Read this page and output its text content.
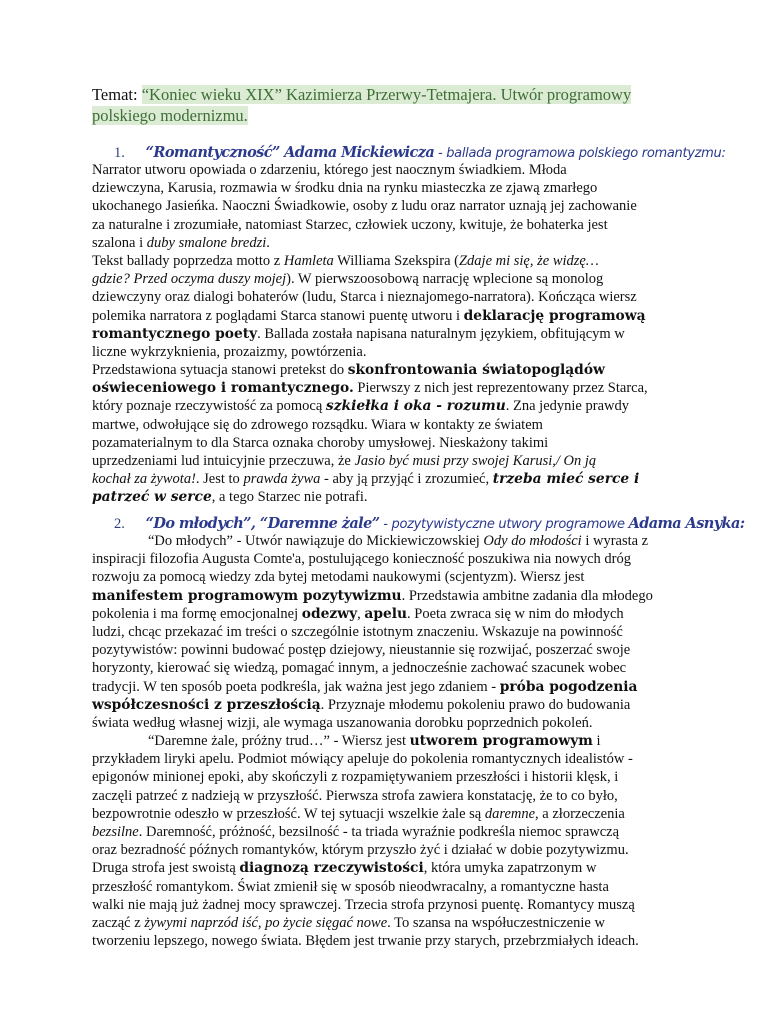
Temat: “Koniec wieku XIX” Kazimierza Przerwy-Tetmajera. Utwór programowy
polskiego modernizmu.
1. “Romantyczność” Adama Mickiewicza - ballada programowa polskiego romantyzmu:
Narrator utworu opowiada o zdarzeniu, którego jest naocznym świadkiem. Młoda
dziewczyna, Karusia, rozmawia w środku dnia na rynku miasteczka ze zjawą zmarłego
ukochanego Jasieńka. Naoczni Świadkowie, osoby z ludu oraz narrator uznają jej zachowanie
za naturalne i zrozumiałe, natomiast Starzec, człowiek uczony, kwituje, że bohaterka jest
szalona i duby smalone bredzi.
Tekst ballady poprzedza motto z Hamleta Williama Szekspira (Zdaje mi się, że widzę…
gdzie? Przed oczyma duszy mojej). W pierwszoosobową narrację wplecione są monolog
dziewczyny oraz dialogi bohaterów (ludu, Starca i nieznajomego-narratora). Kończąca wiersz
polemika narratora z poglądami Starca stanowi puentę utworu i deklarację programową
romantycznego poety. Ballada została napisana naturalnym językiem, obfitującym w
liczne wykrzyknienia, prozaizmy, powtórzenia.
Przedstawiona sytuacja stanowi pretekst do skonfrontowania światopoglądów
oświeceniowego i romantycznego. Pierwszy z nich jest reprezentowany przez Starca,
który poznaje rzeczywistość za pomocą szkiełka i oka - rozumu. Zna jedynie prawdy
martwe, odwołujące się do zdrowego rozsądku. Wiara w kontakty ze światem
pozamaterialnym to dla Starca oznaka choroby umysłowej. Nieskażony takimi
uprzedzeniami lud intuicyjnie przeczuwa, że Jasio być musi przy swojej Karusi,/ On ją
kochał za żywota!. Jest to prawda żywa - aby ją przyjąć i zrozumieć, trzeba mieć serce i
patrzeć w serce, a tego Starzec nie potrafi.
2. “Do młodych”, “Daremne żale” - pozytywistyczne utwory programowe Adama Asnyka:
“Do młodych” - Utwór nawiązuje do Mickiewiczowskiej Ody do młodości i wyrasta z
inspiracji filozofia Augusta Comte'a, postulującego konieczność poszukiwa nia nowych dróg
rozwoju za pomocą wiedzy zda bytej metodami naukowymi (scjentyzm). Wiersz jest
manifestem programowym pozytywizmu. Przedstawia ambitne zadania dla młodego
pokolenia i ma formę emocjonalnej odezwy, apelu. Poeta zwraca się w nim do młodych
ludzi, chcąc przekazać im treści o szczególnie istotnym znaczeniu. Wskazuje na powinność
pozytywistów: powinni budować postęp dziejowy, nieustannie się rozwijać, poszerzać swoje
horyzonty, kierować się wiedzą, pomagać innym, a jednocześnie zachować szacunek wobec
tradycji. W ten sposób poeta podkreśla, jak ważna jest jego zdaniem - próba pogodzenia
współczesności z przeszłością. Przyznaje młodemu pokoleniu prawo do budowania
świata według własnej wizji, ale wymaga uszanowania dorobku poprzednich pokoleń.
“Daremne żale, próżny trud…” - Wiersz jest utworem programowym i
przykładem liryki apelu. Podmiot mówiący apeluje do pokolenia romantycznych idealistów -
epigonów minionej epoki, aby skończyli z rozpamiętywaniem przeszłości i historii klęsk, i
zaczęli patrzeć z nadzieją w przyszłość. Pierwsza strofa zawiera konstatację, że to co było,
bezpowrotnie odeszło w przeszłość. W tej sytuacji wszelkie żale są daremne, a złorzeczenia
bezsilne. Daremność, próżność, bezsilność - ta triada wyraźnie podkreśla niemoc sprawczą
oraz bezradność późnych romantyków, którym przyszło żyć i działać w dobie pozytywizmu.
Druga strofa jest swoistą diagnozą rzeczywistości, która umyka zapatrzonym w
przeszłość romantykom. Świat zmienił się w sposób nieodwracalny, a romantyczne hasta
walki nie mają już żadnej mocy sprawczej. Trzecia strofa przynosi puentę. Romantycy muszą
zacząć z żywymi naprzód iść, po życie sięgać nowe. To szansa na współuczestniczenie w
tworzeniu lepszego, nowego świata. Błędem jest trwanie przy starych, przebrzmiałych ideach.
